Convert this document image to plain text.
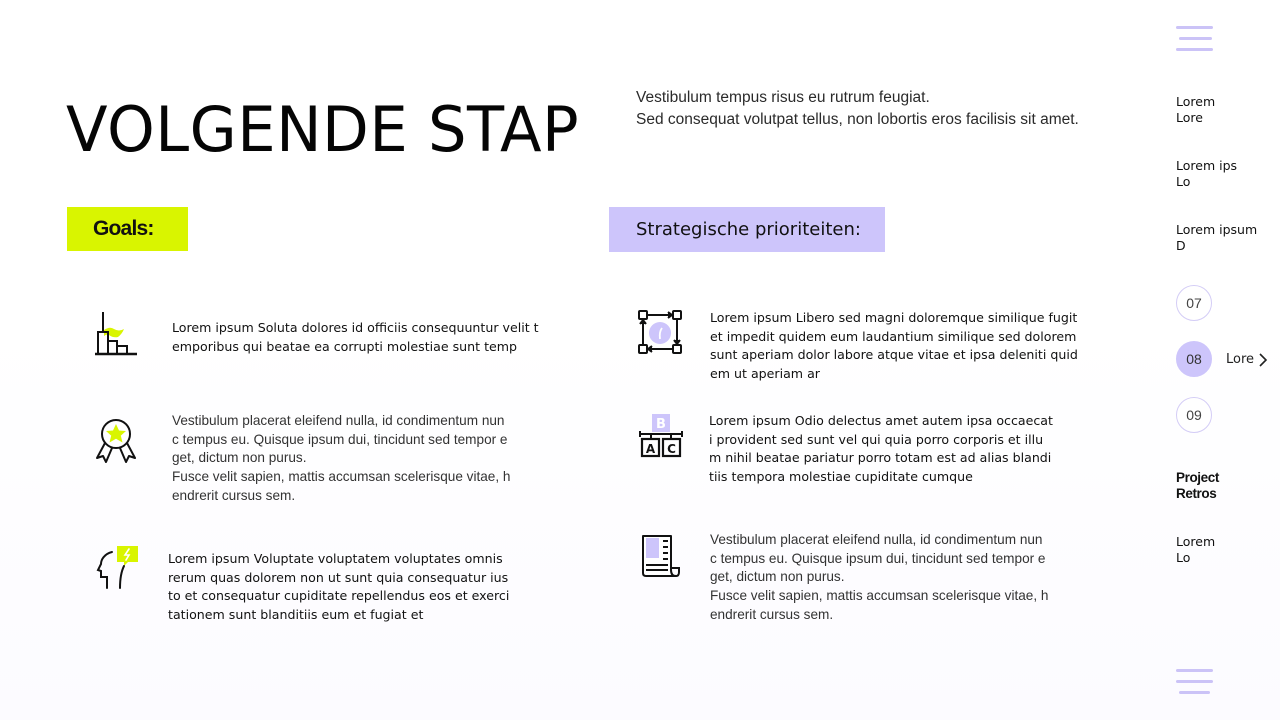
VOLGENDE STAP	Vestibulum tempus risus eu rutrum feugiat.
Sed consequat volutpat tellus, non lobortis eros facilisis sit amet.
Goals:	Strategische prioriteiten:
Lorem ipsum Soluta dolores id officiis consequuntur velit t
emporibus qui beatae ea corrupti molestiae sunt temp
Vestibulum placerat eleifend nulla, id condimentum nun
c tempus eu. Quisque ipsum dui, tincidunt sed tempor e
get, dictum non purus.
Fusce velit sapien, mattis accumsan scelerisque vitae, h
endrerit cursus sem.
Lorem ipsum Voluptate voluptatem voluptates omnis
rerum quas dolorem non ut sunt quia consequatur ius
to et consequatur cupiditate repellendus eos et exerci
tationem sunt blanditiis eum et fugiat et
Lorem ipsum Libero sed magni doloremque similique fugit
et impedit quidem eum laudantium similique sed dolorem
sunt aperiam dolor labore atque vitae et ipsa deleniti quid
em ut aperiam ar
B
A C
Lorem ipsum Odio delectus amet autem ipsa occaecat
i provident sed sunt vel qui quia porro corporis et illu
m nihil beatae pariatur porro totam est ad alias blandi
tiis tempora molestiae cupiditate cumque
Vestibulum placerat eleifend nulla, id condimentum nun
c tempus eu. Quisque ipsum dui, tincidunt sed tempor e
get, dictum non purus.
Fusce velit sapien, mattis accumsan scelerisque vitae, h
endrerit cursus sem.
Lorem
Lore
Lorem ips
Lo
Lorem ipsum
D
07
08 Lore
09
Project
Retros
Lorem
Lo
